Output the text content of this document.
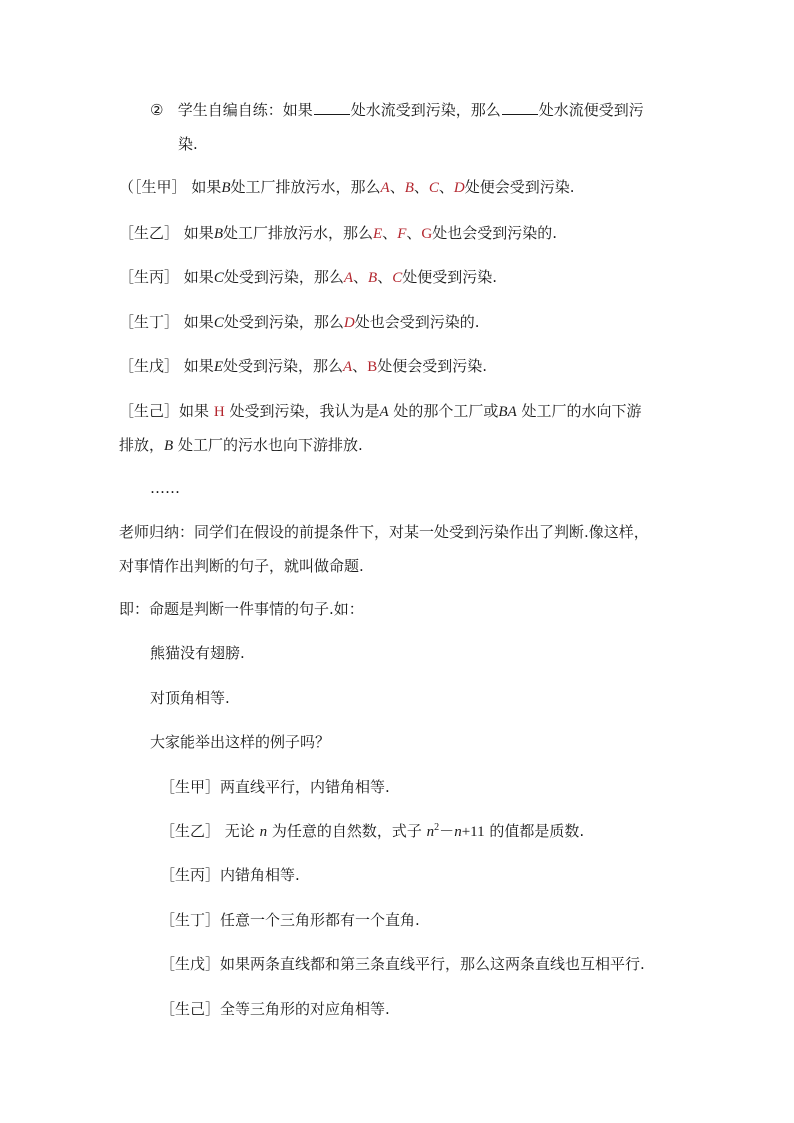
② 学生自编自练：如果	处水流受到污染，那么	处水流便受到污
染.
（［生甲］ 如果B处工厂排放污水，那么A、B、C、D处便会受到污染.
［生乙］ 如果B处工厂排放污水，那么E、F、G处也会受到污染的.
［生丙］ 如果C处受到污染，那么A、B、C处便受到污染.
［生丁］ 如果C处受到污染，那么D处也会受到污染的.
［生戊］ 如果E处受到污染，那么A、B处便会受到污染.
［生己］如果 H 处受到污染，我认为是A 处的那个工厂或BA 处工厂的水向下游
排放，B 处工厂的污水也向下游排放.
……
老师归纳：同学们在假设的前提条件下，对某一处受到污染作出了判断.像这样，
对事情作出判断的句子，就叫做命题.
即：命题是判断一件事情的句子.如：
熊猫没有翅膀.
对顶角相等.
大家能举出这样的例子吗？
［生甲］两直线平行，内错角相等.
［生乙］ 无论 n 为任意的自然数，式子 $n^2-n+11$ 的值都是质数.
［生丙］内错角相等.
［生丁］任意一个三角形都有一个直角.
［生戊］如果两条直线都和第三条直线平行，那么这两条直线也互相平行.
［生己］全等三角形的对应角相等.
